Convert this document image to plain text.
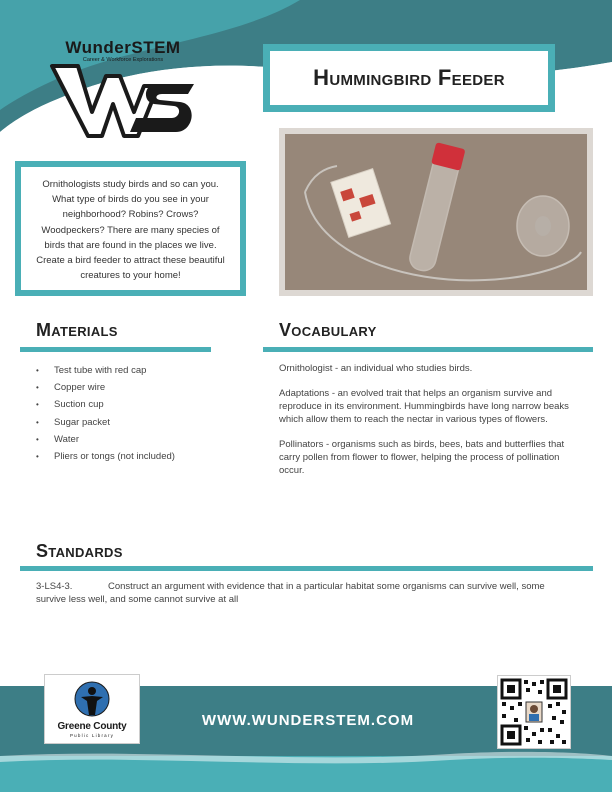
WunderSTEM
Career & Workforce Explorations
Hummingbird Feeder
Ornithologists study birds and so can you. What type of birds do you see in your neighborhood? Robins? Crows? Woodpeckers? There are many species of birds that are found in the places we live. Create a bird feeder to attract these beautiful creatures to your home!
Materials
• Test tube with red cap
• Copper wire
• Suction cup
• Sugar packet
• Water
• Pliers or tongs (not included)
Vocabulary

Ornithologist - an individual who studies birds.

Adaptations - an evolved trait that helps an organism survive and reproduce in its environment. Hummingbirds have long narrow beaks which allow them to reach the nectar in various types of flowers.

Pollinators - organisms such as birds, bees, bats and butterflies that carry pollen from flower to flower, helping the process of pollination occur.

Standards
3-LS4-3.	Construct an argument with evidence that in a particular habitat some organisms can survive well, some survive less well, and some cannot survive at all
Greene County
Public Library
WWW.WUNDERSTEM.COM
